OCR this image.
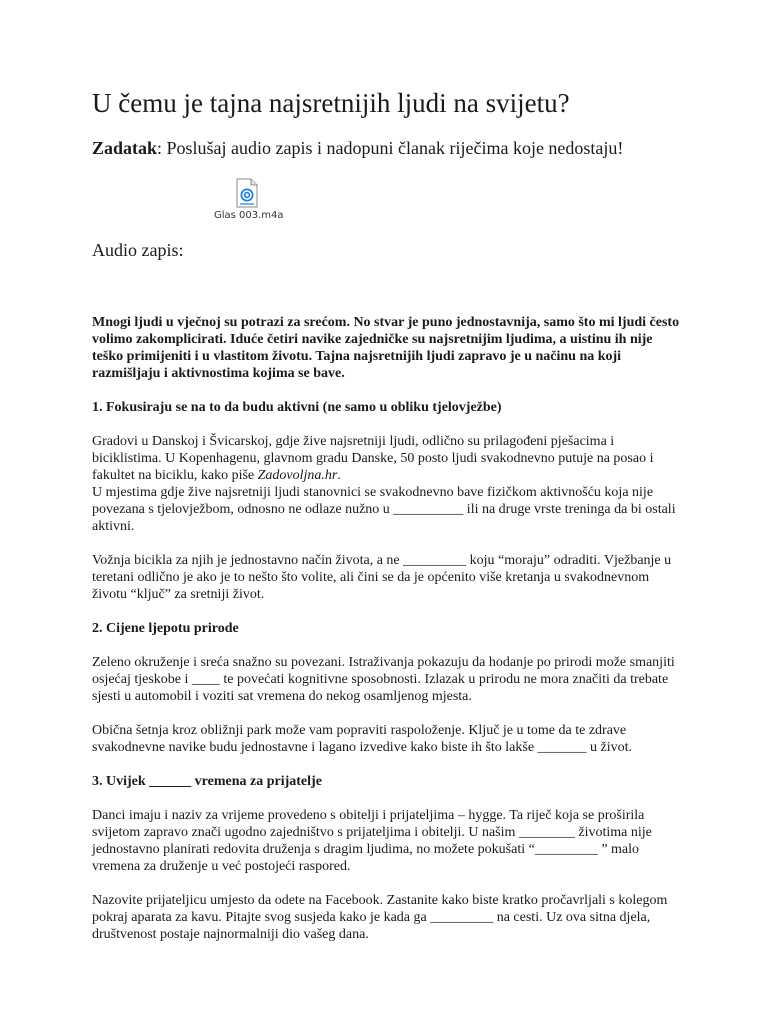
U čemu je tajna najsretnijih ljudi na svijetu?

Zadatak: Poslušaj audio zapis i nadopuni članak riječima koje nedostaju!

Glas 003.m4a

Audio zapis:

Mnogi ljudi u vječnoj su potrazi za srećom. No stvar je puno jednostavnija, samo što mi ljudi često volimo zakomplicirati. Iduće četiri navike zajedničke su najsretnijim ljudima, a uistinu ih nije teško primijeniti i u vlastitom životu. Tajna najsretnijih ljudi zapravo je u načinu na koji razmišljaju i aktivnostima kojima se bave.

1. Fokusiraju se na to da budu aktivni (ne samo u obliku tjelovježbe)

Gradovi u Danskoj i Švicarskoj, gdje žive najsretniji ljudi, odlično su prilagođeni pješacima i biciklistima. U Kopenhagenu, glavnom gradu Danske, 50 posto ljudi svakodnevno putuje na posao i fakultet na biciklu, kako piše Zadovoljna.hr.
U mjestima gdje žive najsretniji ljudi stanovnici se svakodnevno bave fizičkom aktivnošću koja nije povezana s tjelovježbom, odnosno ne odlaze nužno u __________ ili na druge vrste treninga da bi ostali aktivni.

Vožnja bicikla za njih je jednostavno način života, a ne _________ koju “moraju” odraditi. Vježbanje u teretani odlično je ako je to nešto što volite, ali čini se da je općenito više kretanja u svakodnevnom životu “ključ” za sretniji život.

2. Cijene ljepotu prirode

Zeleno okruženje i sreća snažno su povezani. Istraživanja pokazuju da hodanje po prirodi može smanjiti osjećaj tjeskobe i ____ te povećati kognitivne sposobnosti. Izlazak u prirodu ne mora značiti da trebate sjesti u automobil i voziti sat vremena do nekog osamljenog mjesta.

Obična šetnja kroz obližnji park može vam popraviti raspoloženje. Ključ je u tome da te zdrave svakodnevne navike budu jednostavne i lagano izvedive kako biste ih što lakše _______ u život.

3. Uvijek ______ vremena za prijatelje

Danci imaju i naziv za vrijeme provedeno s obitelji i prijateljima – hygge. Ta riječ koja se proširila svijetom zapravo znači ugodno zajedništvo s prijateljima i obitelji. U našim ________ životima nije jednostavno planirati redovita druženja s dragim ljudima, no možete pokušati “_________ ” malo vremena za druženje u već postojeći raspored.

Nazovite prijateljicu umjesto da odete na Facebook. Zastanite kako biste kratko pročavrljali s kolegom pokraj aparata za kavu. Pitajte svog susjeda kako je kada ga _________ na cesti. Uz ova sitna djela, društvenost postaje najnormalniji dio vašeg dana.
